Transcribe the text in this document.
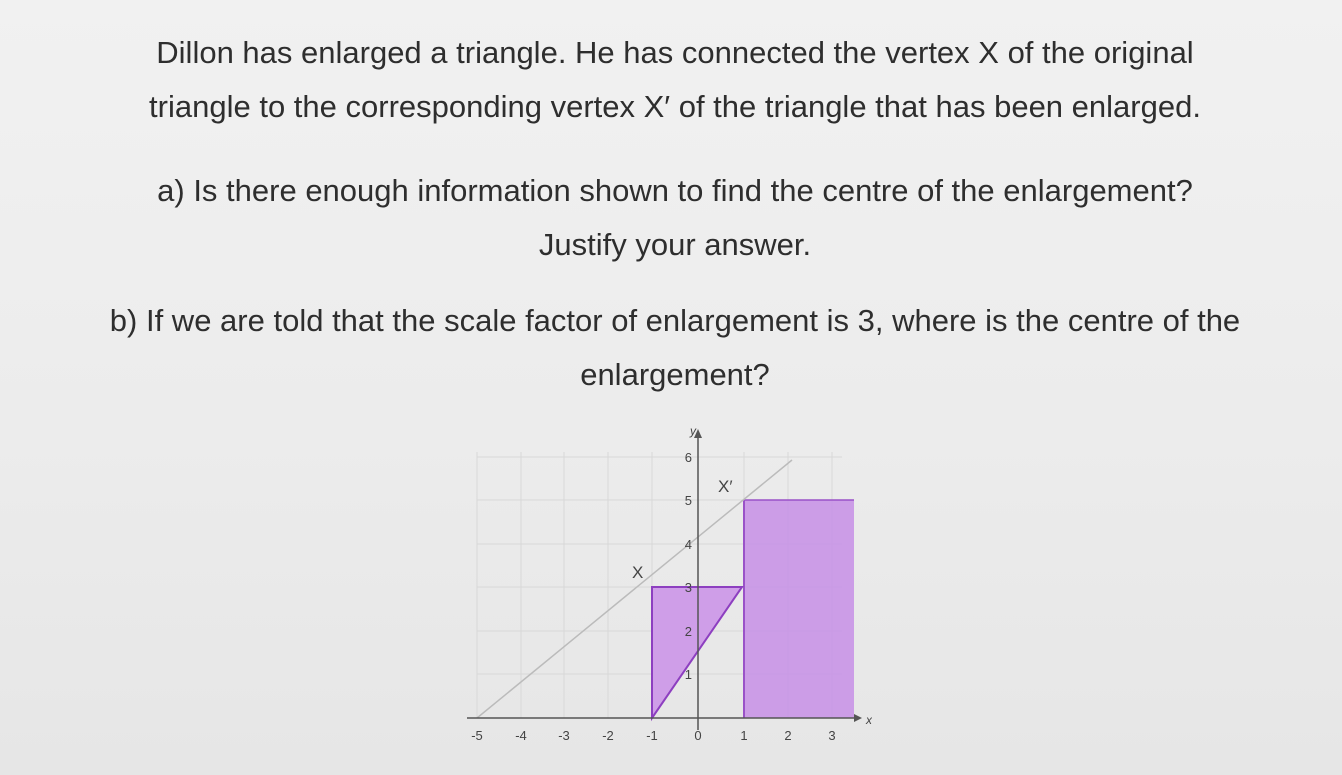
Dillon has enlarged a triangle. He has connected the vertex X of the original
triangle to the corresponding vertex X′ of the triangle that has been enlarged.
a) Is there enough information shown to find the centre of the enlargement?
Justify your answer.
b) If we are told that the scale factor of enlargement is 3, where is the centre of the
enlargement?
x
y
-5 -4 -3 -2 -1	0	1	2	3
1
2
3
4
5
6
X
X′
